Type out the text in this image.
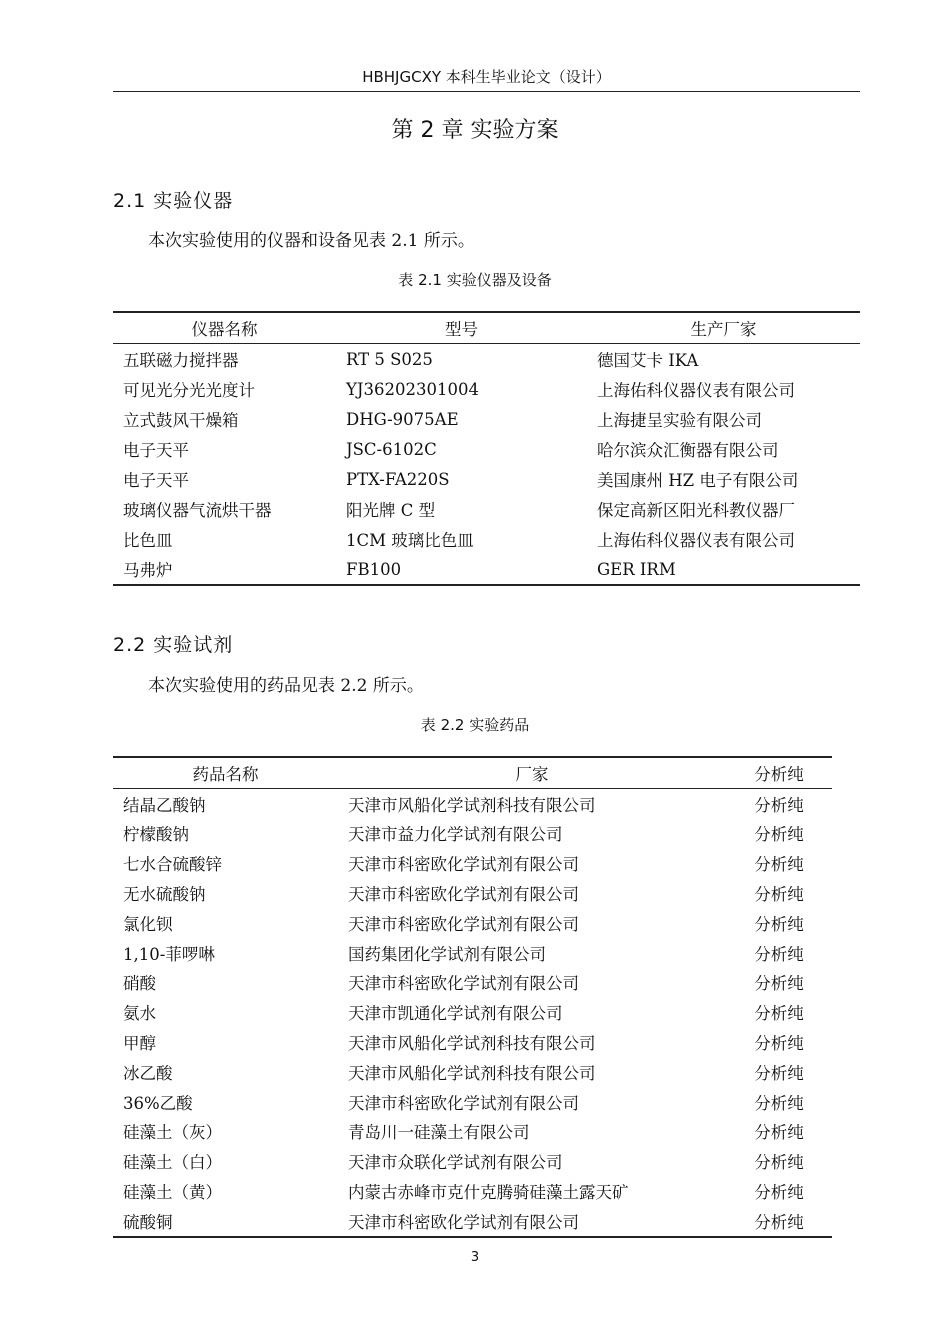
HBHJGCXY 本科生毕业论文（设计）
第 2 章 实验方案
2.1 实验仪器
本次实验使用的仪器和设备见表 2.1 所示。
表 2.1 实验仪器及设备
仪器名称	型号	生产厂家
五联磁力搅拌器	RT 5 S025	德国艾卡 IKA
可见光分光光度计	YJ36202301004	上海佑科仪器仪表有限公司
立式鼓风干燥箱	DHG-9075AE	上海捷呈实验有限公司
电子天平	JSC-6102C	哈尔滨众汇衡器有限公司
电子天平	PTX-FA220S	美国康州 HZ 电子有限公司
玻璃仪器气流烘干器	阳光牌 C 型	保定高新区阳光科教仪器厂
比色皿	1CM 玻璃比色皿	上海佑科仪器仪表有限公司
马弗炉	FB100	GER IRM
2.2 实验试剂
本次实验使用的药品见表 2.2 所示。
表 2.2 实验药品
药品名称	厂家	分析纯
结晶乙酸钠	天津市风船化学试剂科技有限公司	分析纯
柠檬酸钠	天津市益力化学试剂有限公司	分析纯
七水合硫酸锌	天津市科密欧化学试剂有限公司	分析纯
无水硫酸钠	天津市科密欧化学试剂有限公司	分析纯
氯化钡	天津市科密欧化学试剂有限公司	分析纯
1,10-菲啰啉	国药集团化学试剂有限公司	分析纯
硝酸	天津市科密欧化学试剂有限公司	分析纯
氨水	天津市凯通化学试剂有限公司	分析纯
甲醇	天津市风船化学试剂科技有限公司	分析纯
冰乙酸	天津市风船化学试剂科技有限公司	分析纯
36%乙酸	天津市科密欧化学试剂有限公司	分析纯
硅藻土（灰）	青岛川一硅藻土有限公司	分析纯
硅藻土（白）	天津市众联化学试剂有限公司	分析纯
硅藻土（黄）	内蒙古赤峰市克什克腾骑硅藻土露天矿	分析纯
硫酸铜	天津市科密欧化学试剂有限公司	分析纯
3
